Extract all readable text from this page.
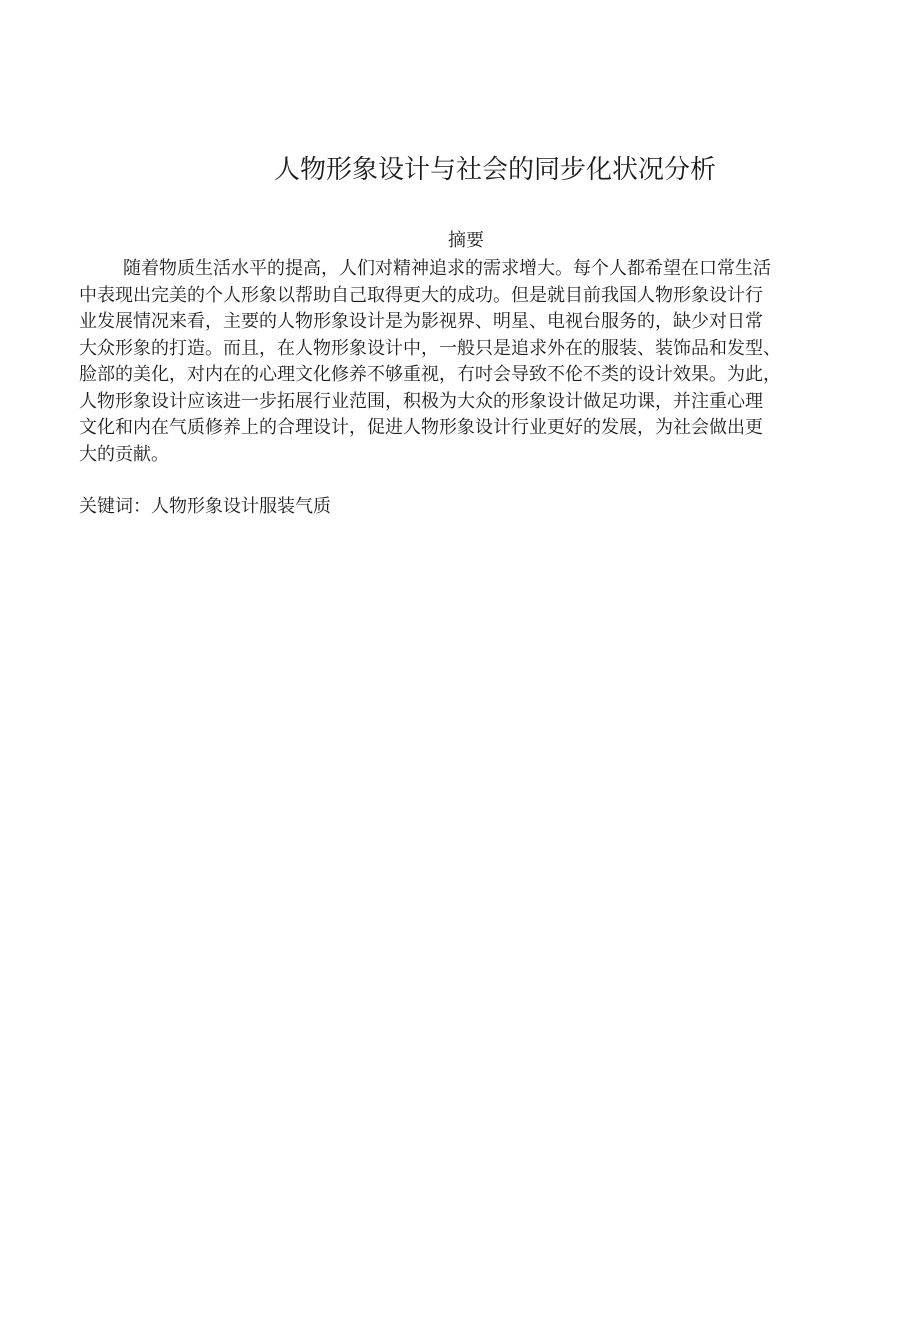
人物形象设计与社会的同步化状况分析
摘要
随着物质生活水平的提高，人们对精神追求的需求增大。每个人都希望在口常生活
中表现出完美的个人形象以帮助自己取得更大的成功。但是就目前我国人物形象设计行
业发展情况来看，主要的人物形象设计是为影视界、明星、电视台服务的，缺少对日常
大众形象的打造。而且，在人物形象设计中，一般只是追求外在的服装、装饰品和发型、
脸部的美化，对内在的心理文化修养不够重视，冇吋会导致不伦不类的设计效果。为此，
人物形象设计应该进一步拓展行业范围，积极为大众的形象设计做足功课，并注重心理
文化和内在气质修养上的合理设计，促进人物形象设计行业更好的发展，为社会做出更
大的贡献。
关键词：人物形象设计服装气质
